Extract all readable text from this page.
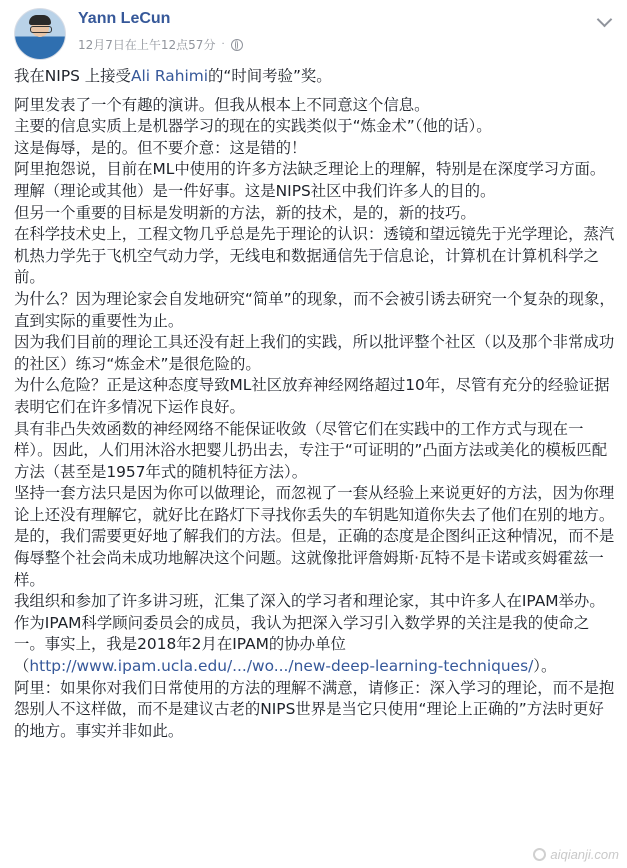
Yann LeCun
12月7日在上午12点57分 ·

我在NIPS 上接受Ali Rahimi的“时间考验”奖。

阿里发表了一个有趣的演讲。但我从根本上不同意这个信息。

主要的信息实质上是机器学习的现在的实践类似于“炼金术”（他的话）。

这是侮辱，是的。但不要介意：这是错的！

阿里抱怨说，目前在ML中使用的许多方法缺乏理论上的理解，特别是在深度学习方面。

理解（理论或其他）是一件好事。这是NIPS社区中我们许多人的目的。

但另一个重要的目标是发明新的方法，新的技术，是的，新的技巧。

在科学技术史上，工程文物几乎总是先于理论的认识：透镜和望远镜先于光学理论，蒸汽机热力学先于飞机空气动力学，无线电和数据通信先于信息论，计算机在计算机科学之前。

为什么？因为理论家会自发地研究“简单”的现象，而不会被引诱去研究一个复杂的现象，直到实际的重要性为止。

因为我们目前的理论工具还没有赶上我们的实践，所以批评整个社区（以及那个非常成功的社区）练习“炼金术”是很危险的。

为什么危险？正是这种态度导致ML社区放弃神经网络超过10年，尽管有充分的经验证据表明它们在许多情况下运作良好。

具有非凸失效函数的神经网络不能保证收敛（尽管它们在实践中的工作方式与现在一样）。因此，人们用沐浴水把婴儿扔出去，专注于“可证明的”凸面方法或美化的模板匹配方法（甚至是1957年式的随机特征方法）。

坚持一套方法只是因为你可以做理论，而忽视了一套从经验上来说更好的方法，因为你理论上还没有理解它，就好比在路灯下寻找你丢失的车钥匙知道你失去了他们在别的地方。

是的，我们需要更好地了解我们的方法。但是，正确的态度是企图纠正这种情况，而不是侮辱整个社会尚未成功地解决这个问题。这就像批评詹姆斯·瓦特不是卡诺或亥姆霍兹一样。

我组织和参加了许多讲习班，汇集了深入的学习者和理论家，其中许多人在IPAM举办。作为IPAM科学顾问委员会的成员，我认为把深入学习引入数学界的关注是我的使命之一。事实上，我是2018年2月在IPAM的协办单位（http://www.ipam.ucla.edu/.../wo.../new-deep-learning-techniques/）。

阿里：如果你对我们日常使用的方法的理解不满意，请修正：深入学习的理论，而不是抱怨别人不这样做，而不是建议古老的NIPS世界是当它只使用“理论上正确的”方法时更好的地方。事实并非如此。

aiqianji.com
